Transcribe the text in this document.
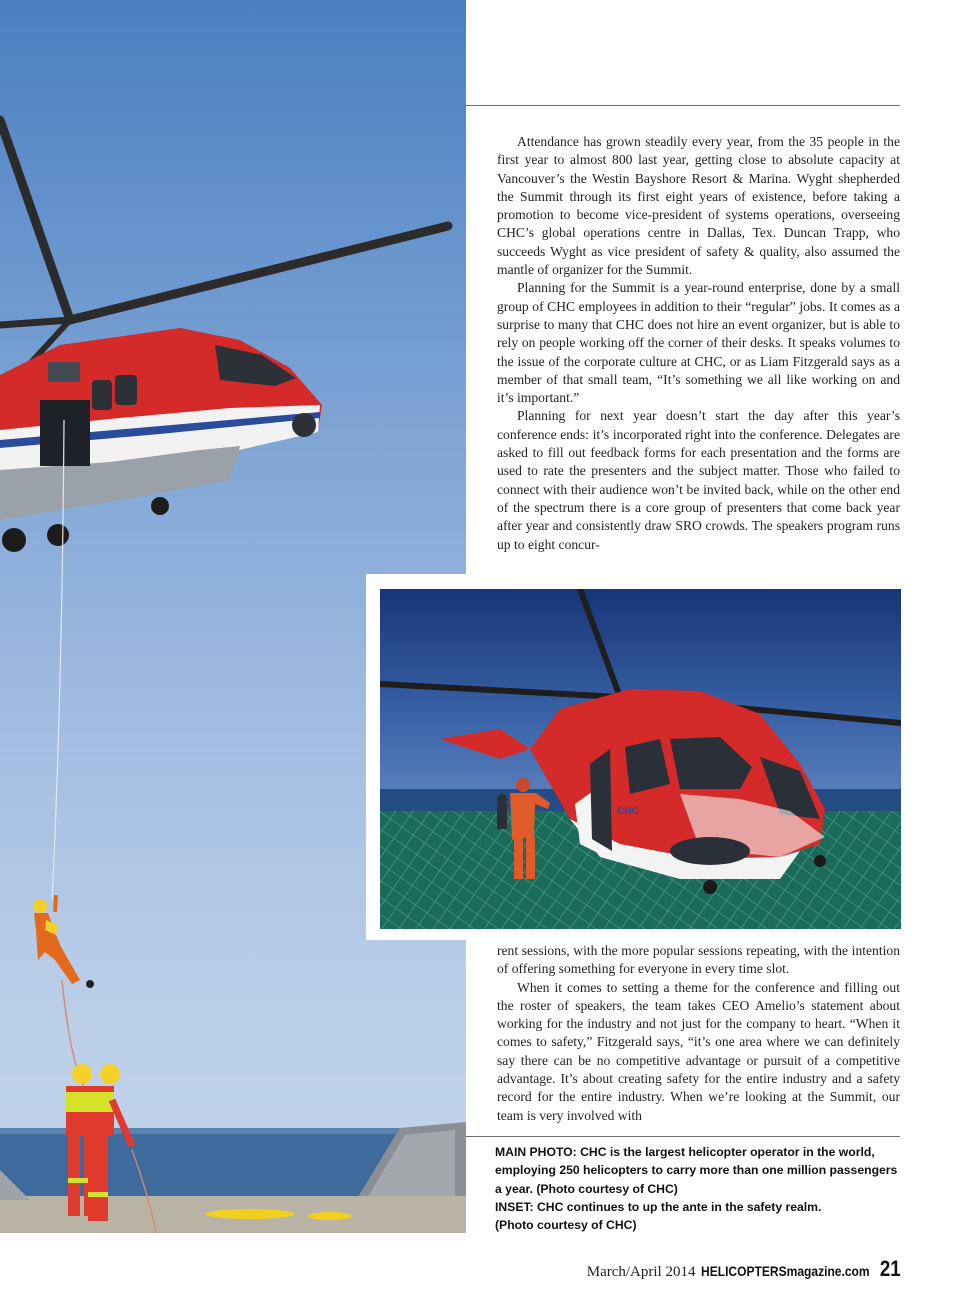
Attendance has grown steadily every year, from the 35 people in the first year to almost 800 last year, getting close to absolute capacity at Vancouver’s the Westin Bayshore Resort & Marina. Wyght shepherded the Summit through its first eight years of existence, before taking a promotion to become vice-president of systems operations, overseeing CHC’s global operations centre in Dallas, Tex. Duncan Trapp, who succeeds Wyght as vice president of safety & quality, also assumed the mantle of organizer for the Summit.

Planning for the Summit is a year-round enterprise, done by a small group of CHC employees in addition to their “regular” jobs. It comes as a surprise to many that CHC does not hire an event organizer, but is able to rely on people working off the corner of their desks. It speaks volumes to the issue of the corporate culture at CHC, or as Liam Fitzgerald says as a member of that small team, “It’s something we all like working on and it’s important.”

Planning for next year doesn’t start the day after this year’s conference ends: it’s incorporated right into the conference. Delegates are asked to fill out feedback forms for each presentation and the forms are used to rate the presenters and the subject matter. Those who failed to connect with their audience won’t be invited back, while on the other end of the spectrum there is a core group of presenters that come back year after year and consistently draw SRO crowds. The speakers program runs up to eight concur-

CHC

rent sessions, with the more popular sessions repeating, with the intention of offering something for everyone in every time slot.

When it comes to setting a theme for the conference and filling out the roster of speakers, the team takes CEO Amelio’s statement about working for the industry and not just for the company to heart. “When it comes to safety,” Fitzgerald says, “it’s one area where we can definitely say there can be no competitive advantage or pursuit of a competitive advantage. It’s about creating safety for the entire industry and a safety record for the entire industry. When we’re looking at the Summit, our team is very involved with

MAIN PHOTO: CHC is the largest helicopter operator in the world,
employing 250 helicopters to carry more than one million passengers
a year. (Photo courtesy of CHC)
INSET: CHC continues to up the ante in the safety realm.
(Photo courtesy of CHC)
March/April 2014 HELICOPTERSmagazine.com 21
